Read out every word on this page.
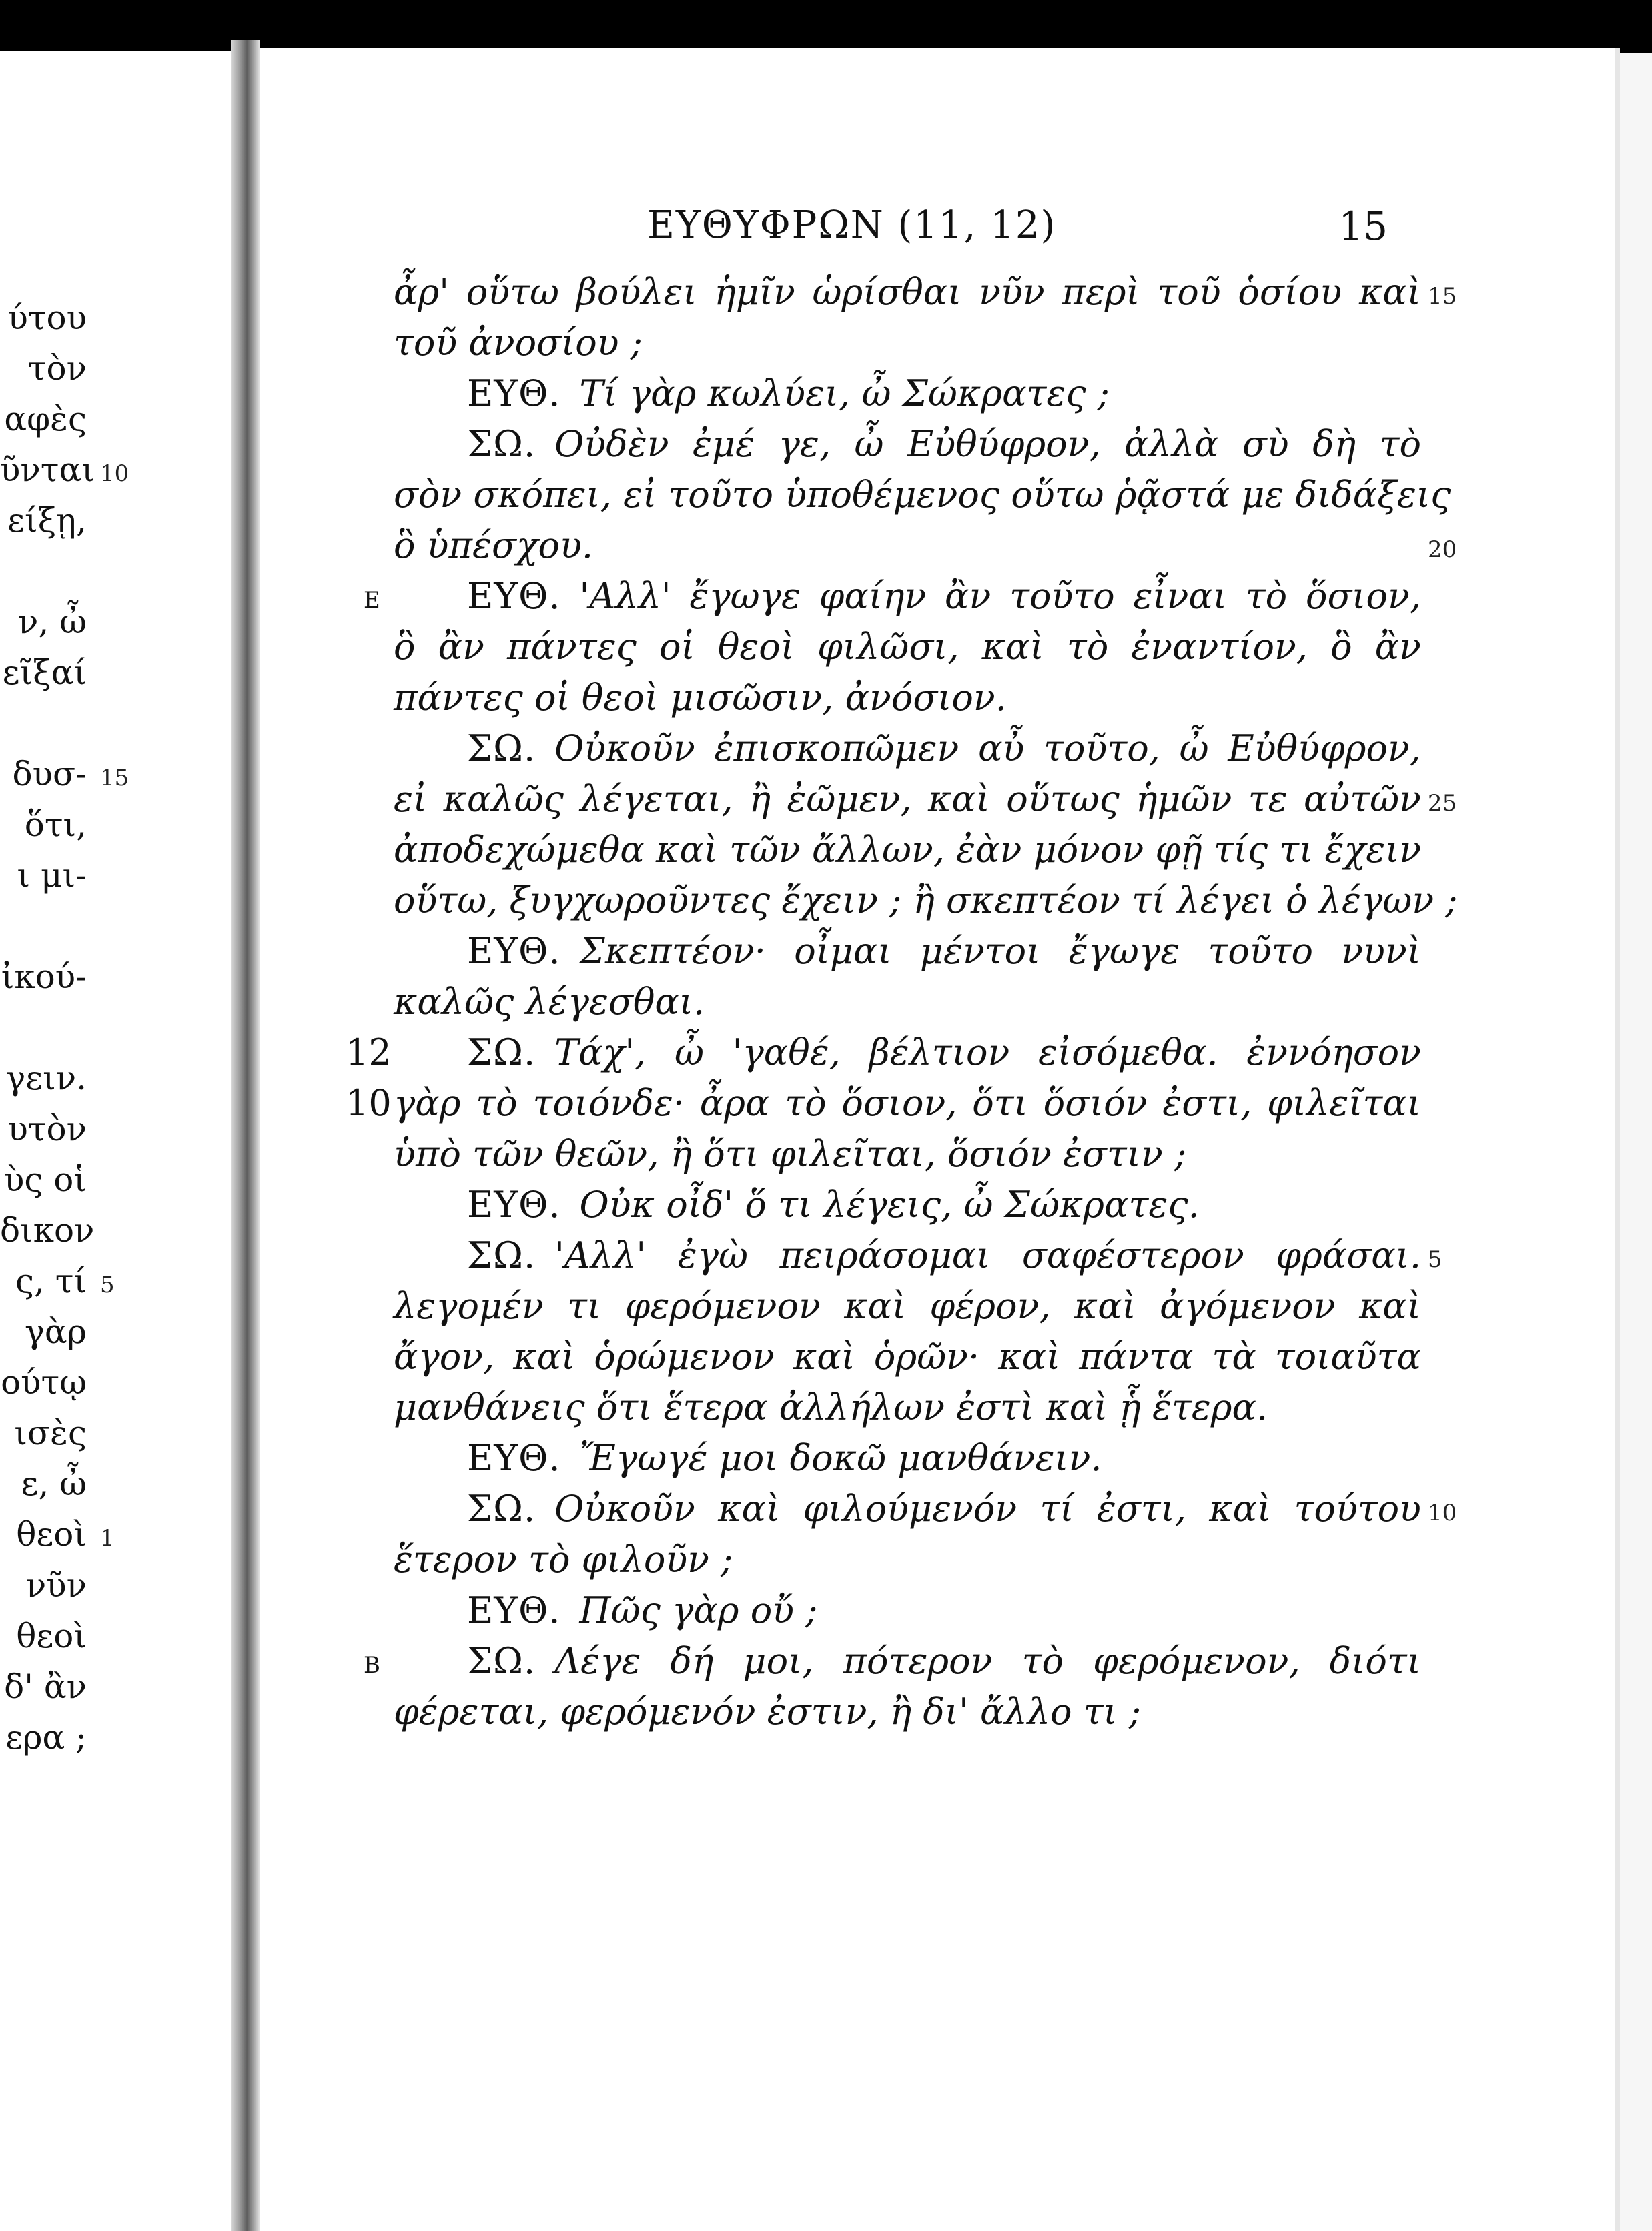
ύτου
τὸν
αφὲς
ῦνται
είξῃ,
ν, ὦ
εῖξαί
δυσ-
ὅτι,
ι μι-
ἰκού-
γειν.
υτὸν
ὺς οἱ
δικον
ς, τί
γὰρ
ούτῳ
ισὲς
ε, ὦ
θεοὶ
νῦν
θεοὶ
δ' ἂν
ερα ;
10
15
5
1
ΕΥΘΥΦΡΩΝ (11, 12)	15
ἆρ' οὕτω βούλει ἡμῖν ὡρίσθαι νῦν περὶ τοῦ ὁσίου καὶ
τοῦ ἀνοσίου ;
ΕΥΘ. Τί γὰρ κωλύει, ὦ Σώκρατες ;
ΣΩ. Οὐδὲν ἐμέ γε, ὦ Εὐθύφρον, ἀλλὰ σὺ δὴ τὸ
σὸν σκόπει, εἰ τοῦτο ὑποθέμενος οὕτω ῥᾷστά με διδάξεις
ὃ ὑπέσχου.
ΕΥΘ. 'Αλλ' ἔγωγε φαίην ἂν τοῦτο εἶναι τὸ ὅσιον,
ὃ ἂν πάντες οἱ θεοὶ φιλῶσι, καὶ τὸ ἐναντίον, ὃ ἂν
πάντες οἱ θεοὶ μισῶσιν, ἀνόσιον.
ΣΩ. Οὐκοῦν ἐπισκοπῶμεν αὖ τοῦτο, ὦ Εὐθύφρον,
εἰ καλῶς λέγεται, ἢ ἐῶμεν, καὶ οὕτως ἡμῶν τε αὐτῶν
ἀποδεχώμεθα καὶ τῶν ἄλλων, ἐὰν μόνον φῇ τίς τι ἔχειν
οὕτω, ξυγχωροῦντες ἔχειν ; ἢ σκεπτέον τί λέγει ὁ λέγων ;
ΕΥΘ. Σκεπτέον· οἶμαι μέντοι ἔγωγε τοῦτο νυνὶ
καλῶς λέγεσθαι.
ΣΩ. Τάχ', ὦ 'γαθέ, βέλτιον εἰσόμεθα. ἐννόησον
γὰρ τὸ τοιόνδε· ἆρα τὸ ὅσιον, ὅτι ὅσιόν ἐστι, φιλεῖται
ὑπὸ τῶν θεῶν, ἢ ὅτι φιλεῖται, ὅσιόν ἐστιν ;
ΕΥΘ. Οὐκ οἶδ' ὅ τι λέγεις, ὦ Σώκρατες.
ΣΩ. 'Αλλ' ἐγὼ πειράσομαι σαφέστερον φράσαι.
λεγομέν τι φερόμενον καὶ φέρον, καὶ ἀγόμενον καὶ
ἄγον, καὶ ὁρώμενον καὶ ὁρῶν· καὶ πάντα τὰ τοιαῦτα
μανθάνεις ὅτι ἕτερα ἀλλήλων ἐστὶ καὶ ᾗ ἕτερα.
ΕΥΘ. Ἔγωγέ μοι δοκῶ μανθάνειν.
ΣΩ. Οὐκοῦν καὶ φιλούμενόν τί ἐστι, καὶ τούτου
ἕτερον τὸ φιλοῦν ;
ΕΥΘ. Πῶς γὰρ οὔ ;
ΣΩ. Λέγε δή μοι, πότερον τὸ φερόμενον, διότι
φέρεται, φερόμενόν ἐστιν, ἢ δι' ἄλλο τι ;
15
20
25
5
10
E
B
12
10
